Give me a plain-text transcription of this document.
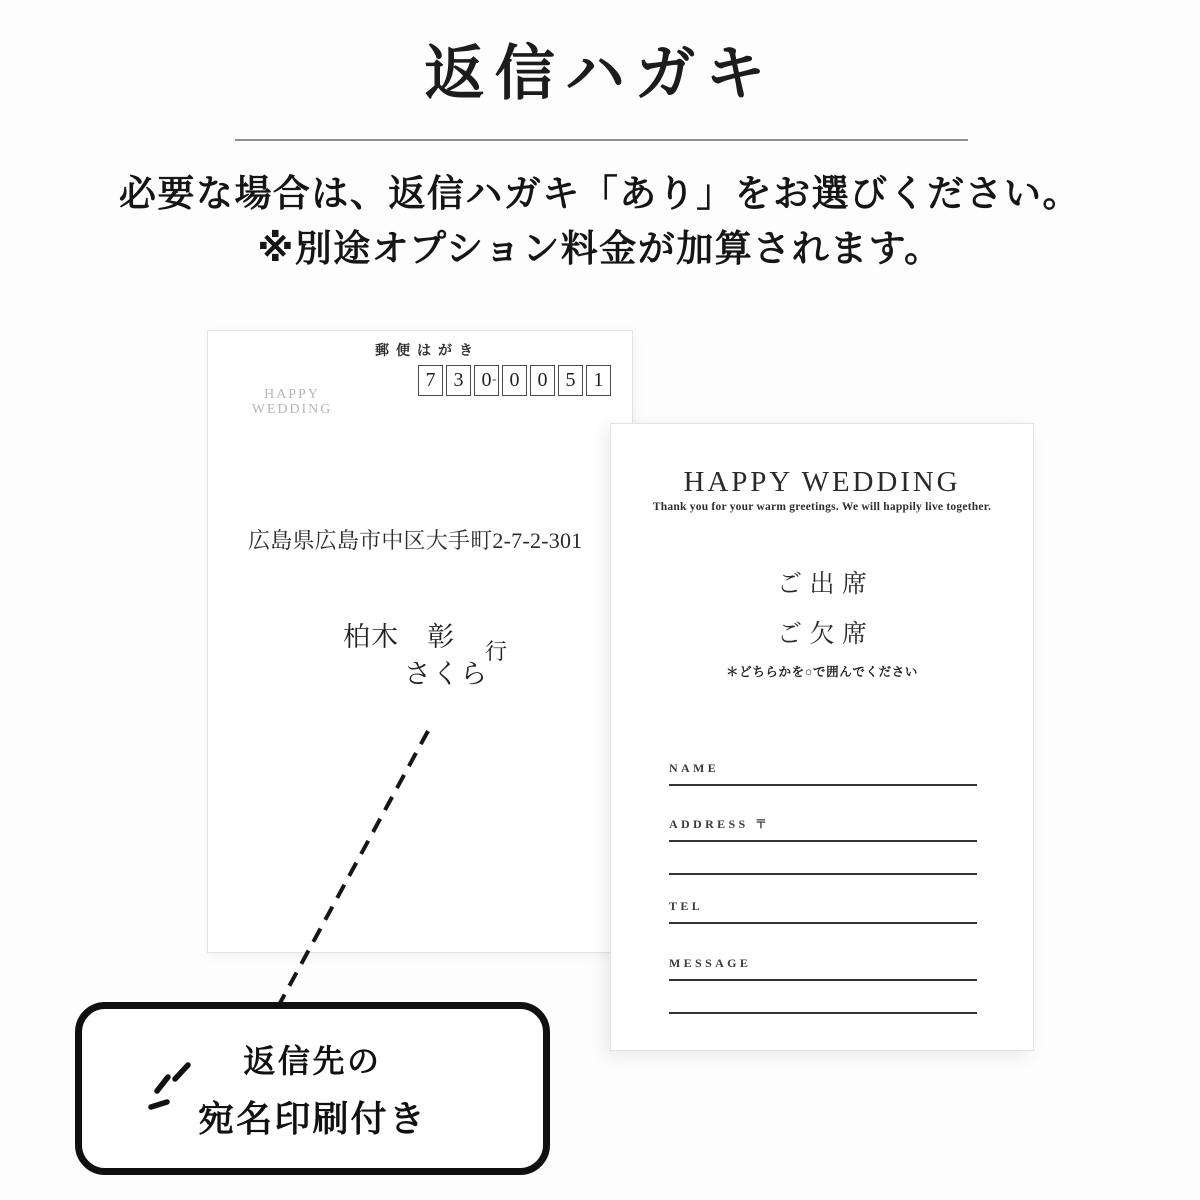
返信ハガキ
必要な場合は、返信ハガキ「あり」をお選びください。
※別途オプション料金が加算されます。
郵便はがき
7 3 0 0 0 5 1
-
HAPPY
WEDDING
広島県広島市中区大手町2-7-2-301
柏木　彰
さくら
行
HAPPY WEDDING
Thank you for your warm greetings. We will happily live together.
ご出席
ご欠席
＊どちらかを○で囲んでください
NAME
ADDRESS 〒
TEL
MESSAGE
返信先の
宛名印刷付き
